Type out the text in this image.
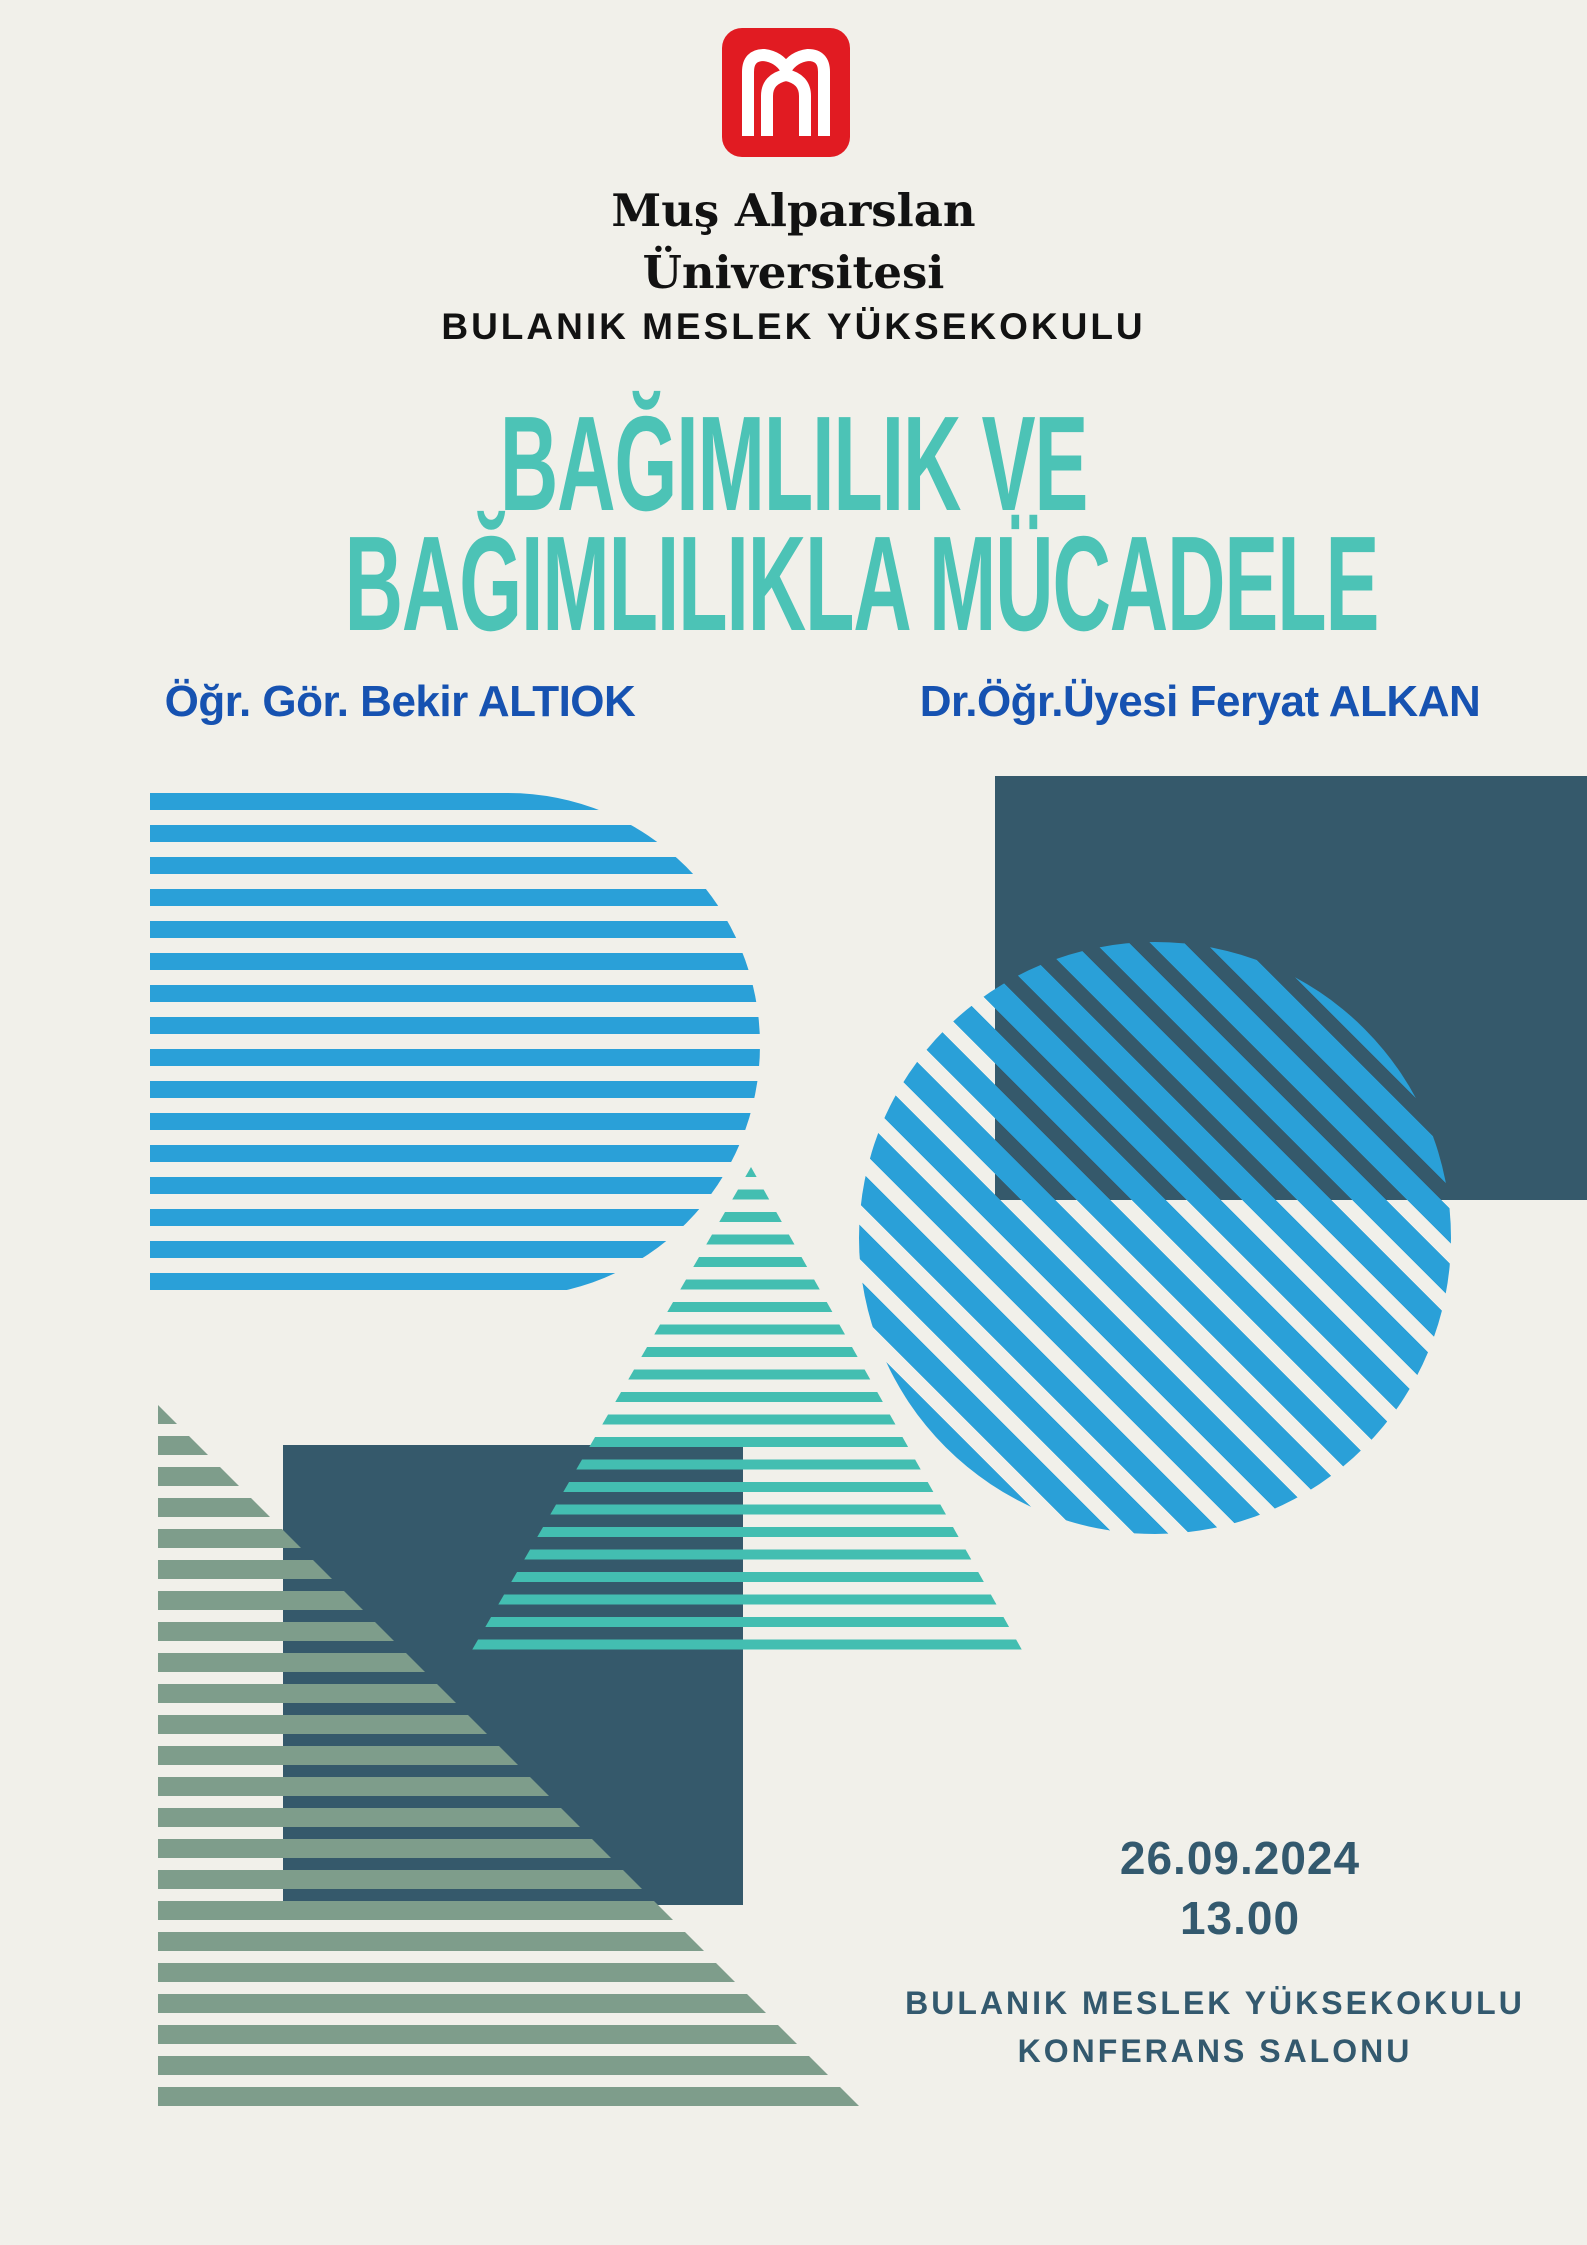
Muş Alparslan
Üniversitesi
BULANIK MESLEK YÜKSEKOKULU
BAĞIMLILIK VE
BAĞIMLILIKLA MÜCADELE
Öğr. Gör. Bekir ALTIOK	Dr.Öğr.Üyesi Feryat ALKAN
26.09.2024
13.00
BULANIK MESLEK YÜKSEKOKULU
KONFERANS SALONU
